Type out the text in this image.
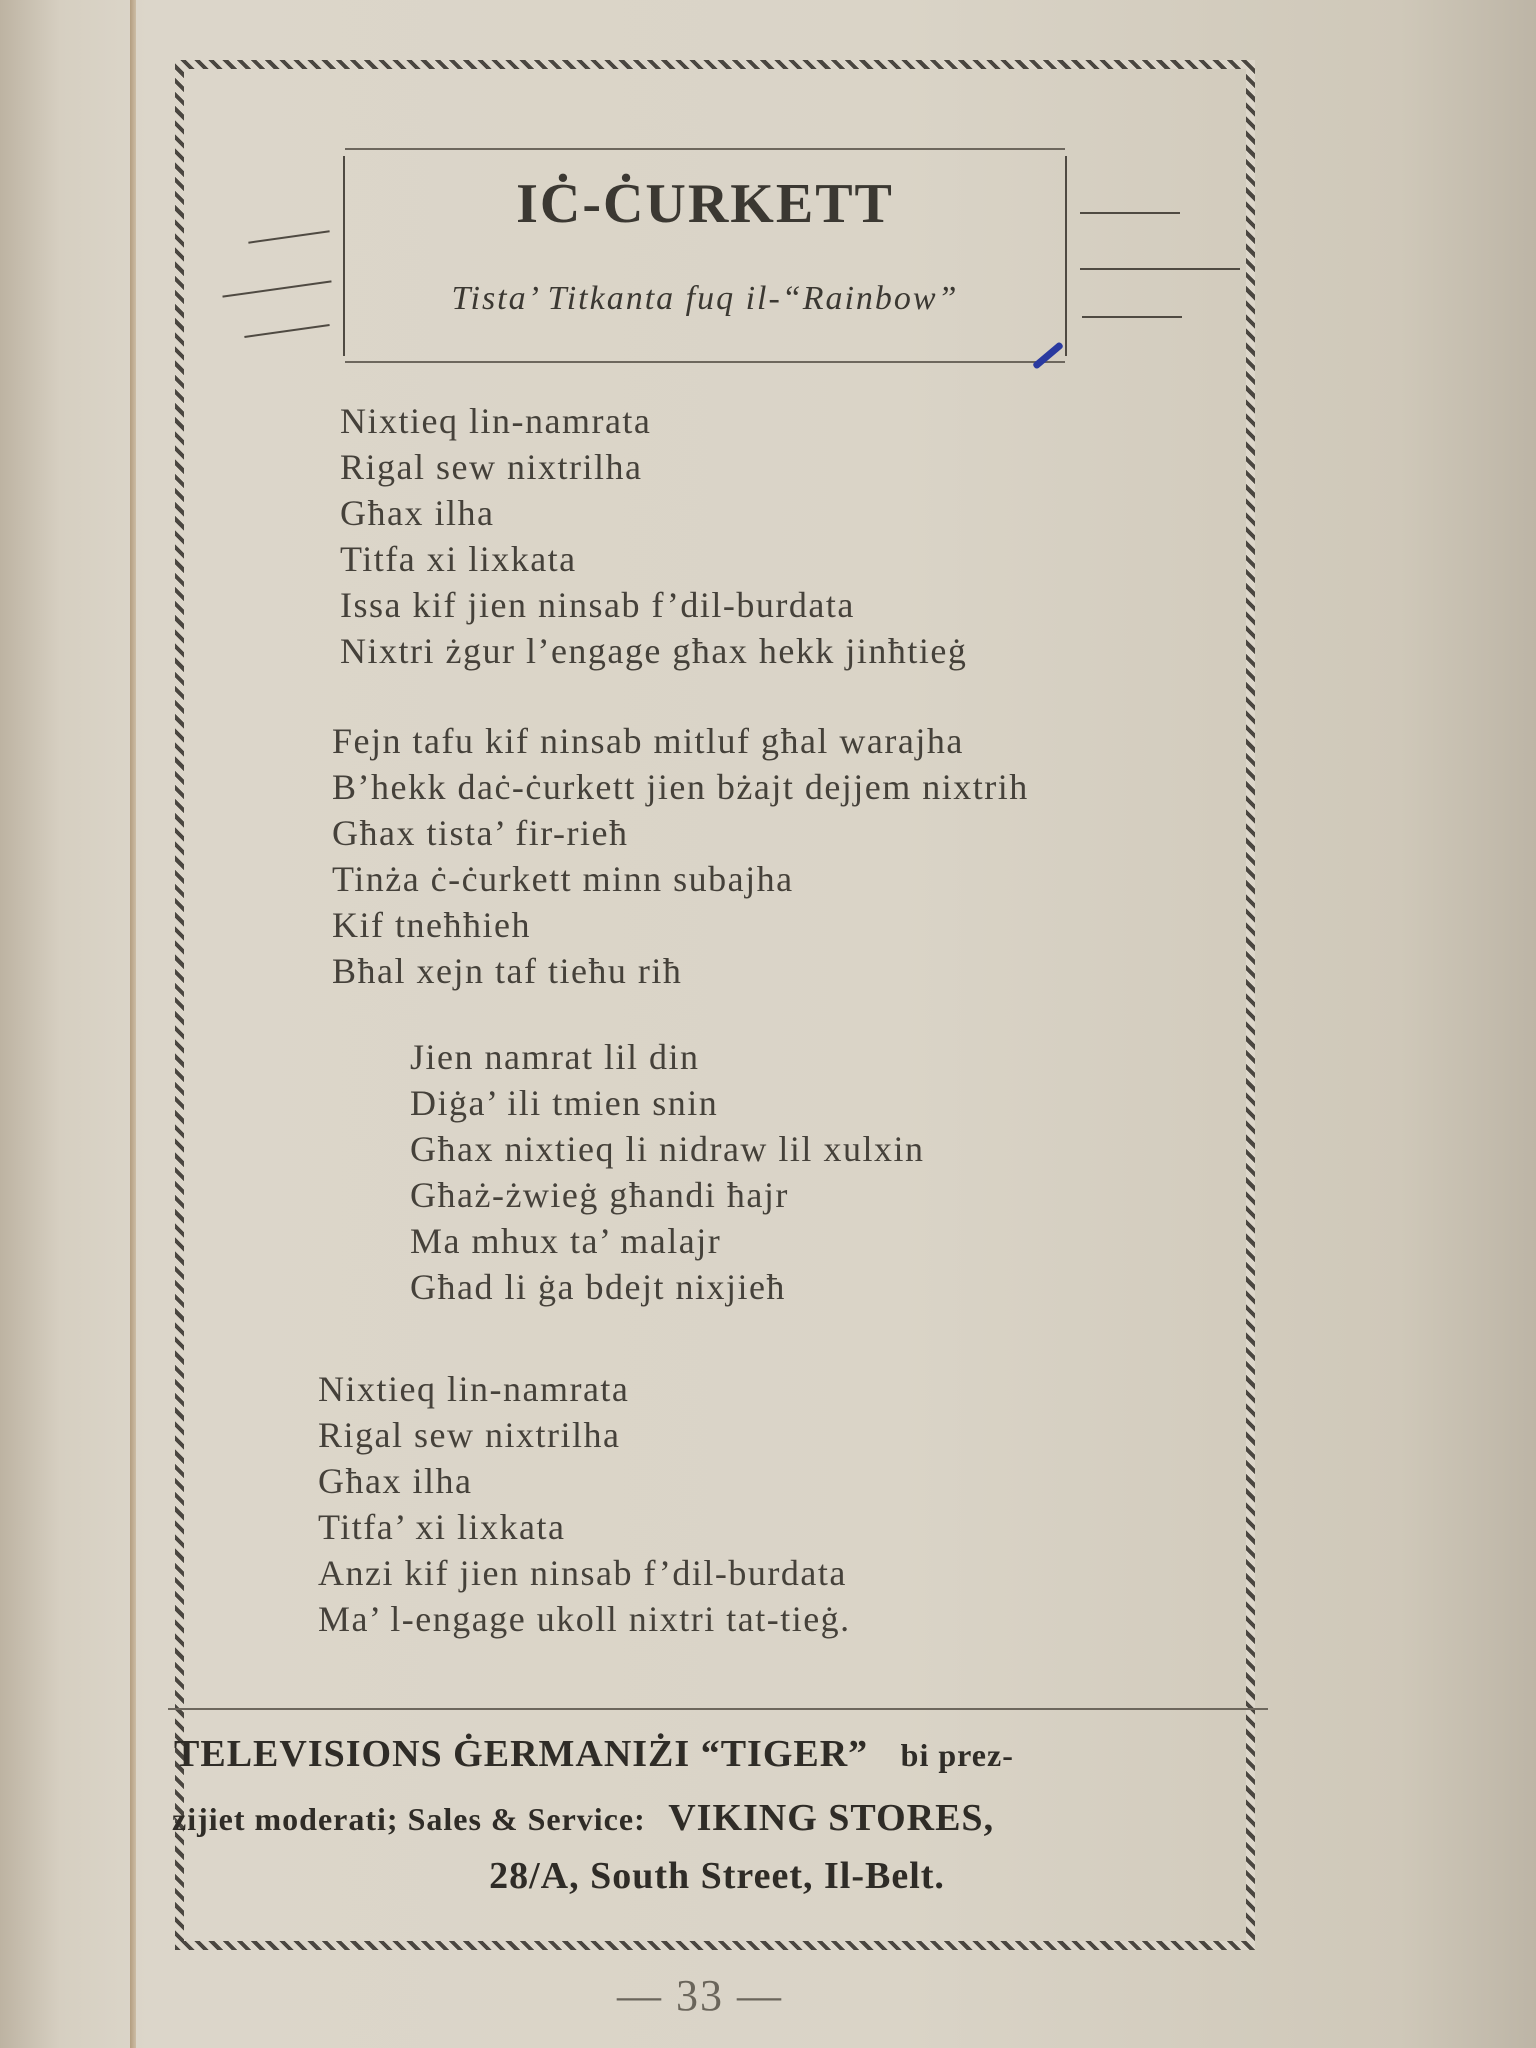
IĊ-ĊURKETT
Tista’ Titkanta fuq il-“Rainbow”
Nixtieq lin-namrata
Rigal sew nixtrilha
Għax ilha
Titfa xi lixkata
Issa kif jien ninsab f’dil-burdata
Nixtri żgur l’engage għax hekk jinħtieġ
Fejn tafu kif ninsab mitluf għal warajha
B’hekk daċ-ċurkett jien bżajt dejjem nixtrih
Għax tista’ fir-rieħ
Tinża ċ-ċurkett minn subajha
Kif tneħħieh
Bħal xejn taf tieħu riħ
Jien namrat lil din
Diġa’ ili tmien snin
Għax nixtieq li nidraw lil xulxin
Għaż-żwieġ għandi ħajr
Ma mhux ta’ malajr
Għad li ġa bdejt nixjieħ
Nixtieq lin-namrata
Rigal sew nixtrilha
Għax ilha
Titfa’ xi lixkata
Anzi kif jien ninsab f’dil-burdata
Ma’ l-engage ukoll nixtri tat-tieġ.
TELEVISIONS ĠERMANIŻI “TIGER” bi prez-
zijiet moderati; Sales & Service: VIKING STORES,
28/A, South Street, Il-Belt.
— 33 —
